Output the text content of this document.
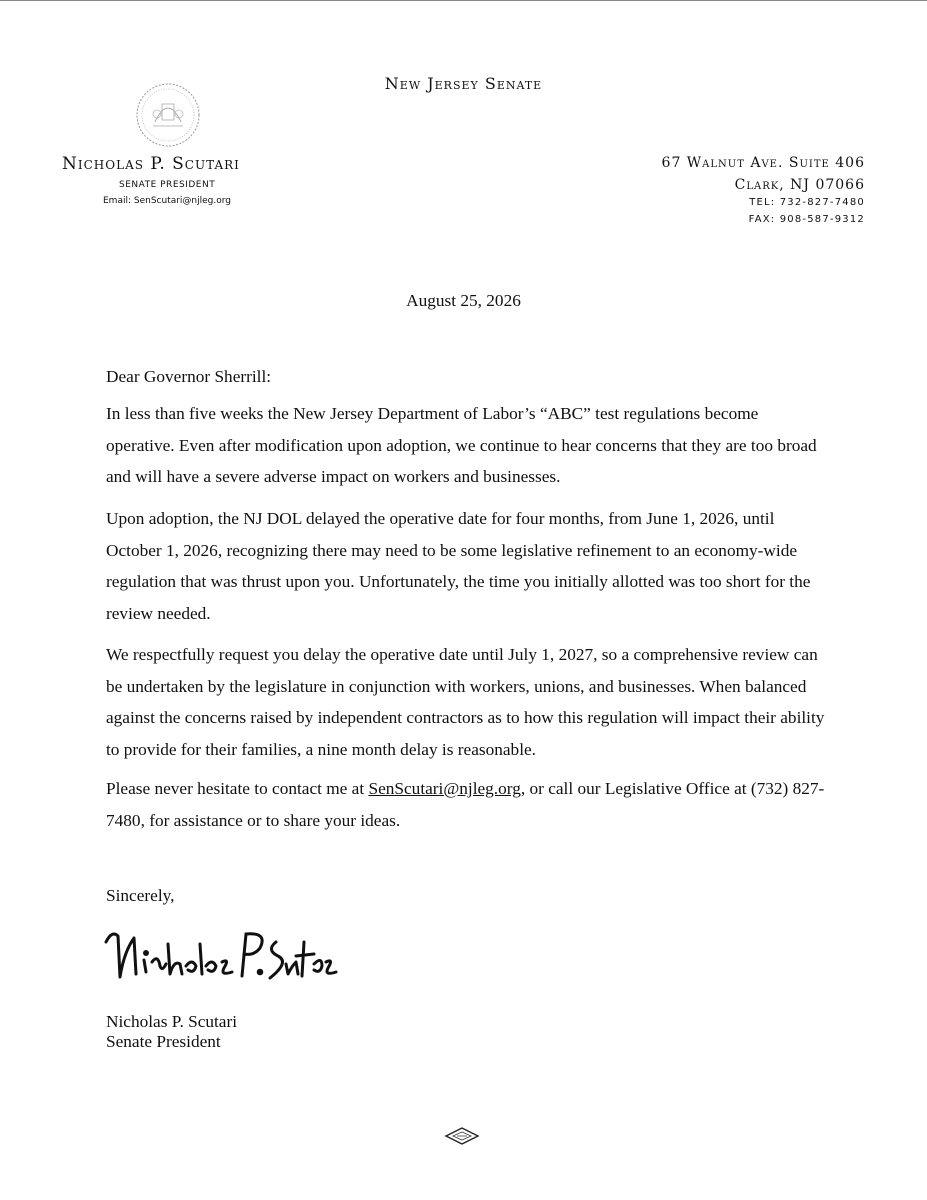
New Jersey Senate
Nicholas P. Scutari
SENATE PRESIDENT
Email: SenScutari@njleg.org
67 Walnut Ave. Suite 406
Clark, NJ 07066
TEL: 732-827-7480
FAX: 908-587-9312
August 25, 2026
Dear Governor Sherrill:
In less than five weeks the New Jersey Department of Labor’s “ABC” test regulations become operative. Even after modification upon adoption, we continue to hear concerns that they are too broad and will have a severe adverse impact on workers and businesses.
Upon adoption, the NJ DOL delayed the operative date for four months, from June 1, 2026, until October 1, 2026, recognizing there may need to be some legislative refinement to an economy-wide regulation that was thrust upon you. Unfortunately, the time you initially allotted was too short for the review needed.
We respectfully request you delay the operative date until July 1, 2027, so a comprehensive review can be undertaken by the legislature in conjunction with workers, unions, and businesses. When balanced against the concerns raised by independent contractors as to how this regulation will impact their ability to provide for their families, a nine month delay is reasonable.
Please never hesitate to contact me at SenScutari@njleg.org, or call our Legislative Office at (732) 827-7480, for assistance or to share your ideas.
Sincerely,
Nicholas P. Scutari
Senate President
